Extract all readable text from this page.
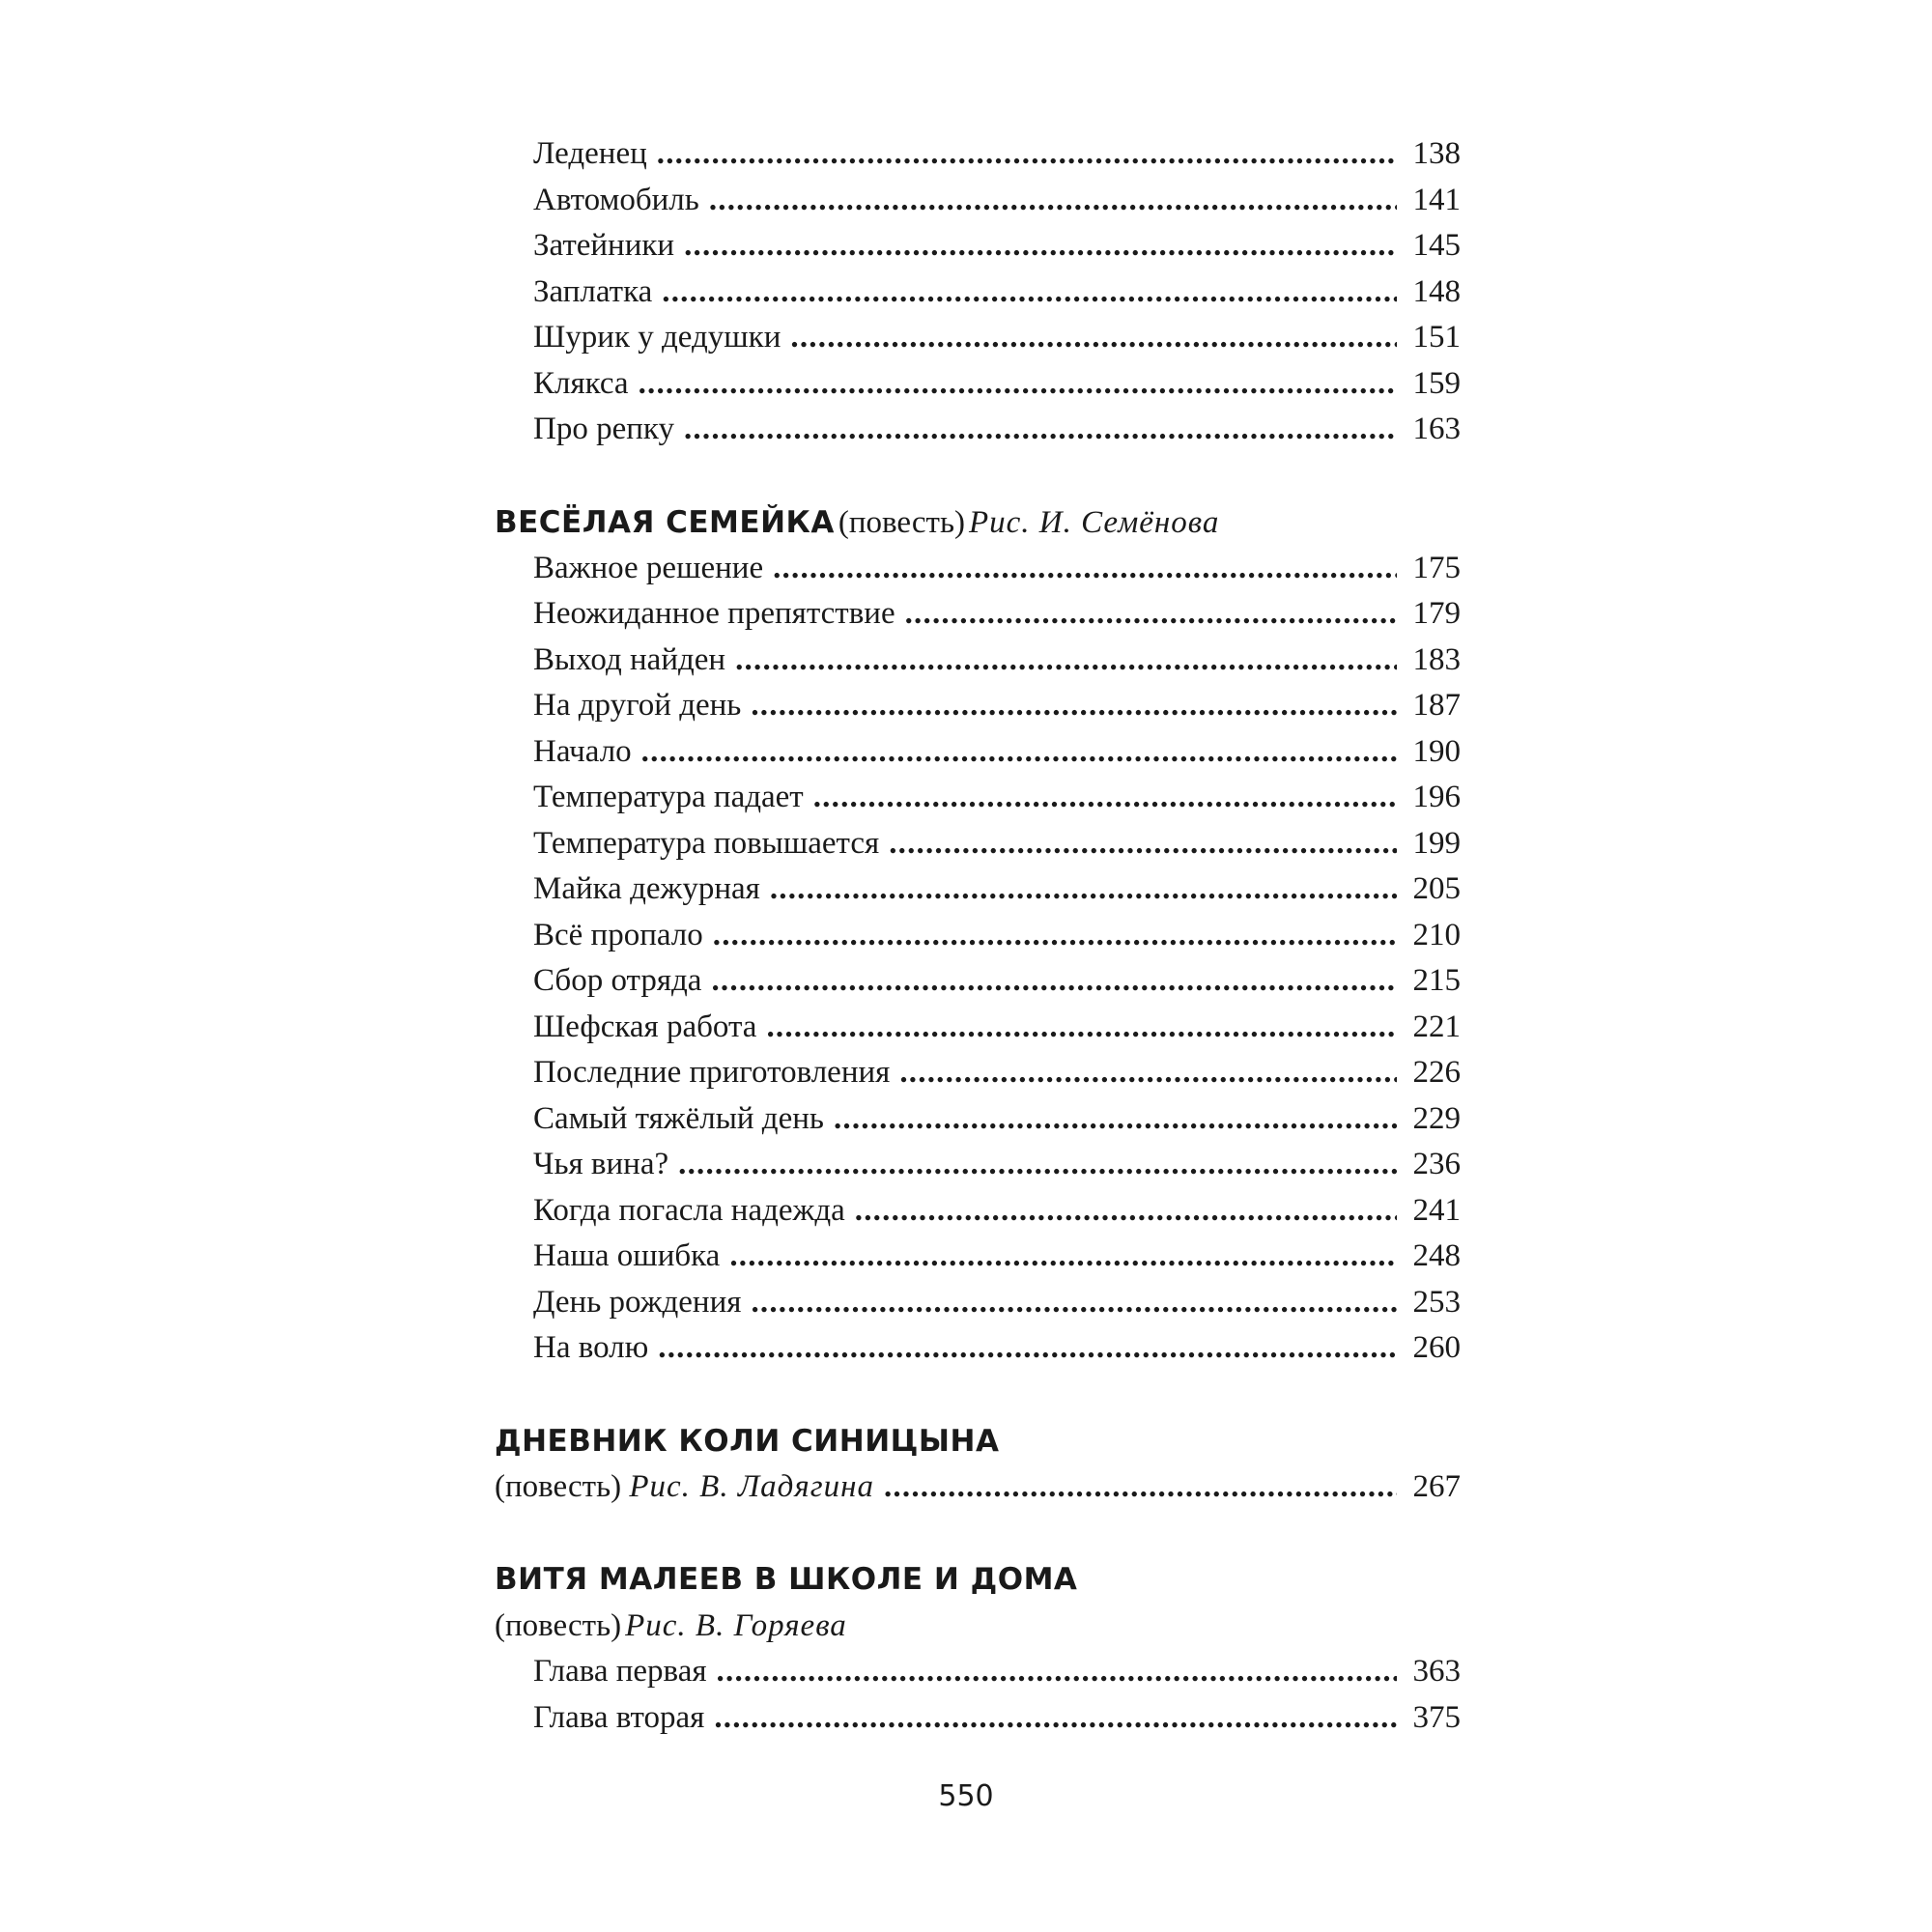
Леденец .....	138
Автомобиль .....	141
Затейники .....	145
Заплатка .....	148
Шурик у дедушки .....	151
Клякса .....	159
Про репку .....	163
ВЕСЁЛАЯ СЕМЕЙКА (повесть) Рис. И. Семёнова
Важное решение .....	175
Неожиданное препятствие .....	179
Выход найден .....	183
На другой день .....	187
Начало .....	190
Температура падает .....	196
Температура повышается .....	199
Майка дежурная .....	205
Всё пропало .....	210
Сбор отряда .....	215
Шефская работа .....	221
Последние приготовления .....	226
Самый тяжёлый день .....	229
Чья вина? .....	236
Когда погасла надежда .....	241
Наша ошибка .....	248
День рождения .....	253
На волю .....	260
ДНЕВНИК КОЛИ СИНИЦЫНА
(повесть) Рис. В. Ладягина .....	267
ВИТЯ МАЛЕЕВ В ШКОЛЕ И ДОМА
(повесть) Рис. В. Горяева
Глава первая .....	363
Глава вторая .....	375
550
